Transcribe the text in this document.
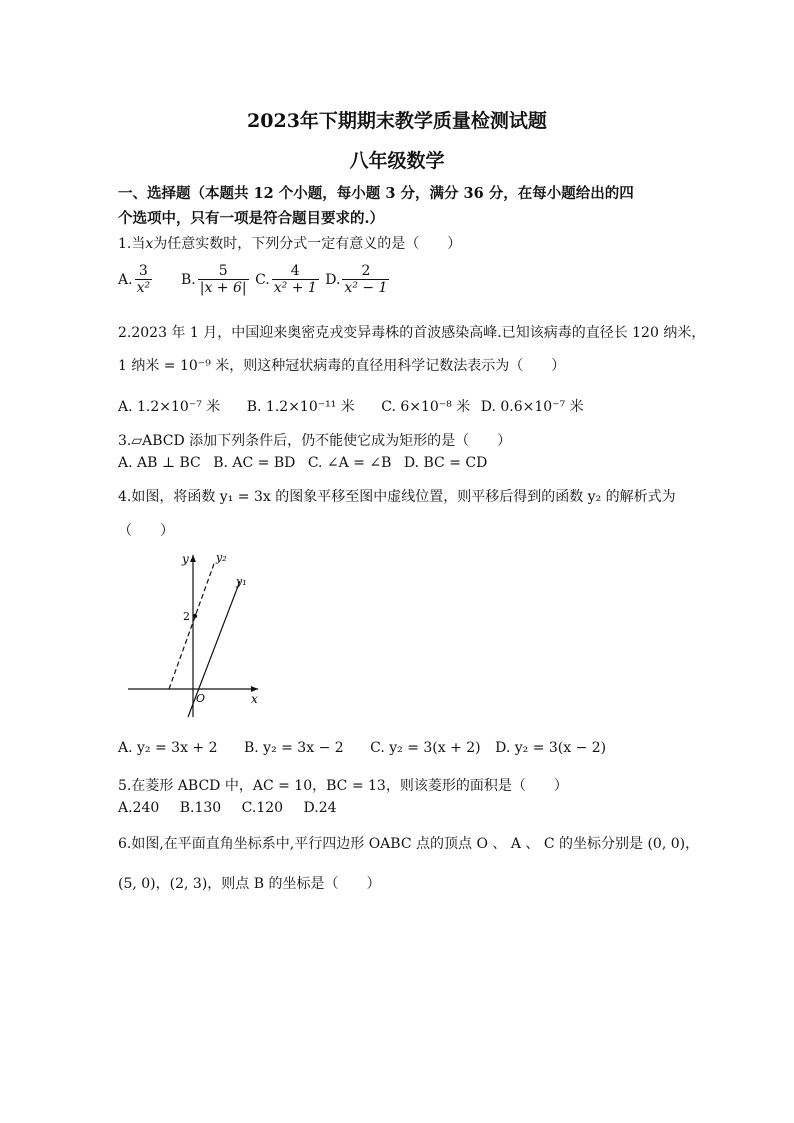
2023年下期期末教学质量检测试题
八年级数学
一、选择题（本题共 12 个小题，每小题 3 分，满分 36 分，在每小题给出的四
个选项中，只有一项是符合题目要求的.）
1.当x为任意实数时，下列分式一定有意义的是（　　）
A. $\frac{3}{\text{x²}} B$. $\frac{5}{|x + 6|} C$. $\frac{4}{\text{x² + 1}} D$. $\frac{2}{\text{x² − 1}}$
2.2023 年 1 月，中国迎来奥密克戎变异毒株的首波感染高峰.已知该病毒的直径长 120 纳米，
1 纳米 = 10⁻⁹ 米，则这种冠状病毒的直径用科学记数法表示为（　　）
A. 1.2×10⁻⁷ 米 B. 1.2×10⁻¹¹ 米 C. 6×10⁻⁸ 米 D. 0.6×10⁻⁷ 米
3.▱ABCD 添加下列条件后，仍不能使它成为矩形的是（　　）
A. AB ⊥ BC B. AC = BD C. ∠A = ∠B D. BC = CD
4.如图，将函数 y₁ = 3x 的图象平移至图中虚线位置，则平移后得到的函数 y₂ 的解析式为
（　　）
y
x
O
2
y₁
y₂
A. y₂ = 3x + 2 B. y₂ = 3x − 2 C. y₂ = 3(x + 2) D. y₂ = 3(x − 2)
5.在菱形 ABCD 中，AC = 10，BC = 13，则该菱形的面积是（　　）
A.240 B.130 C.120 D.24
6.如图,在平面直角坐标系中,平行四边形 OABC 点的顶点 O 、 A 、 C 的坐标分别是 (0, 0)，
(5, 0)，(2, 3)，则点 B 的坐标是（　　）
